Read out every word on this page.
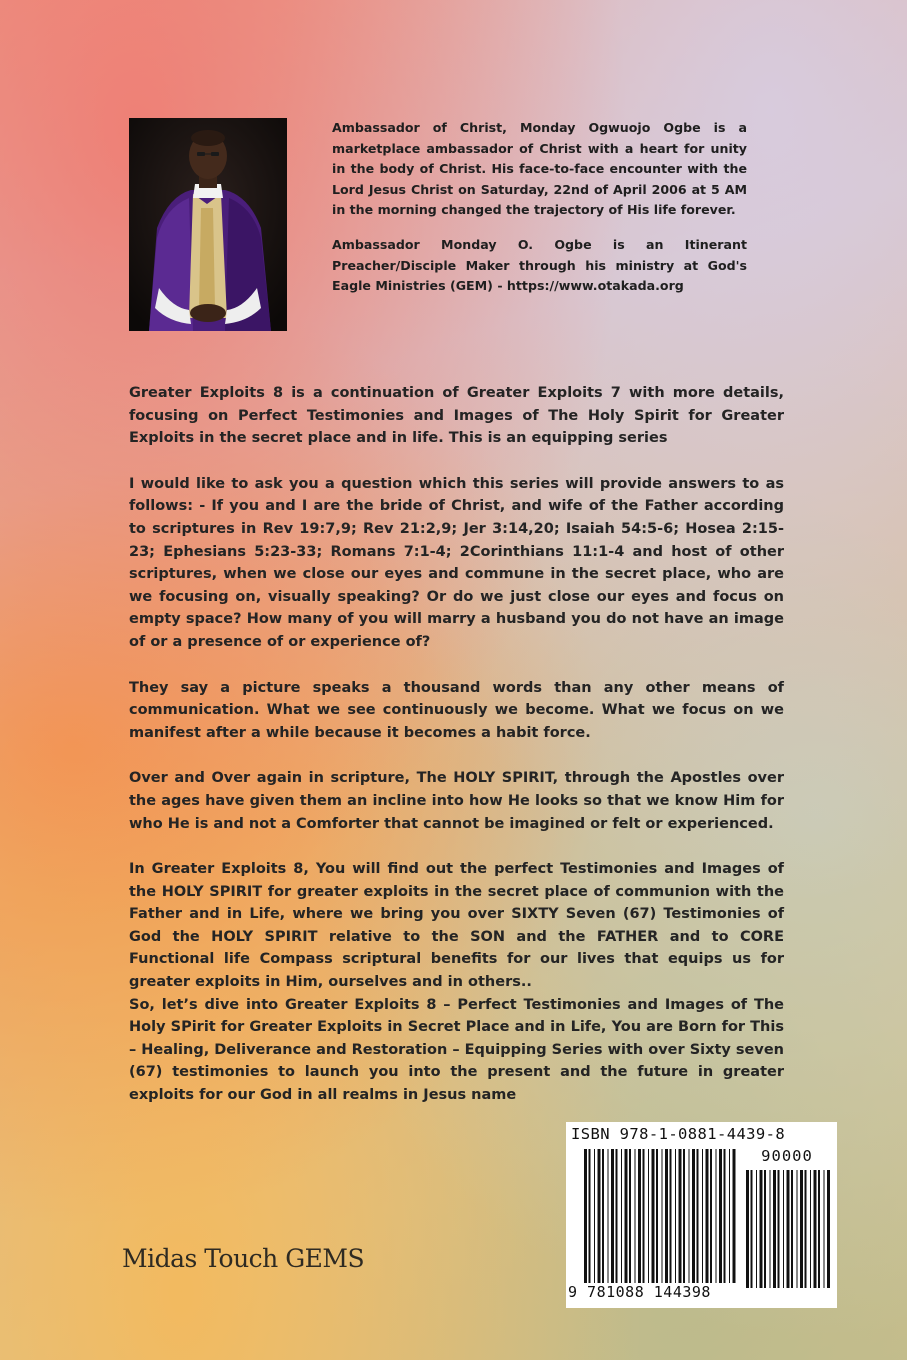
Ambassador of Christ, Monday Ogwuojo Ogbe is a marketplace ambassador of Christ with a heart for unity in the body of Christ. His face-to-face encounter with the Lord Jesus Christ on Saturday, 22nd of April 2006 at 5 AM in the morning changed the trajectory of His life forever.

Ambassador Monday O. Ogbe is an Itinerant Preacher/Disciple Maker through his ministry at God's Eagle Ministries (GEM) - https://www.otakada.org

Greater Exploits 8 is a continuation of Greater Exploits 7 with more details, focusing on Perfect Testimonies and Images of The Holy Spirit for Greater Exploits in the secret place and in life. This is an equipping series

I would like to ask you a question which this series will provide answers to as follows: - If you and I are the bride of Christ, and wife of the Father according to scriptures in Rev 19:7,9; Rev 21:2,9; Jer 3:14,20; Isaiah 54:5-6; Hosea 2:15-23; Ephesians 5:23-33; Romans 7:1-4; 2Corinthians 11:1-4 and host of other scriptures, when we close our eyes and commune in the secret place, who are we focusing on, visually speaking? Or do we just close our eyes and focus on empty space? How many of you will marry a husband you do not have an image of or a presence of or experience of?

They say a picture speaks a thousand words than any other means of communication. What we see continuously we become. What we focus on we manifest after a while because it becomes a habit force.

Over and Over again in scripture, The HOLY SPIRIT, through the Apostles over the ages have given them an incline into how He looks so that we know Him for who He is and not a Comforter that cannot be imagined or felt or experienced.

In Greater Exploits 8, You will find out the perfect Testimonies and Images of the HOLY SPIRIT for greater exploits in the secret place of communion with the Father and in Life, where we bring you over SIXTY Seven (67) Testimonies of God the HOLY SPIRIT relative to the SON and the FATHER and to CORE Functional life Compass scriptural benefits for our lives that equips us for greater exploits in Him, ourselves and in others..

So, let’s dive into Greater Exploits 8 – Perfect Testimonies and Images of The Holy SPirit for Greater Exploits in Secret Place and in Life, You are Born for This – Healing, Deliverance and Restoration – Equipping Series with over Sixty seven (67) testimonies to launch you into the present and the future in greater exploits for our God in all realms in Jesus name

Midas Touch GEMS
ISBN 978-1-0881-4439-8
90000
9 781088 144398
